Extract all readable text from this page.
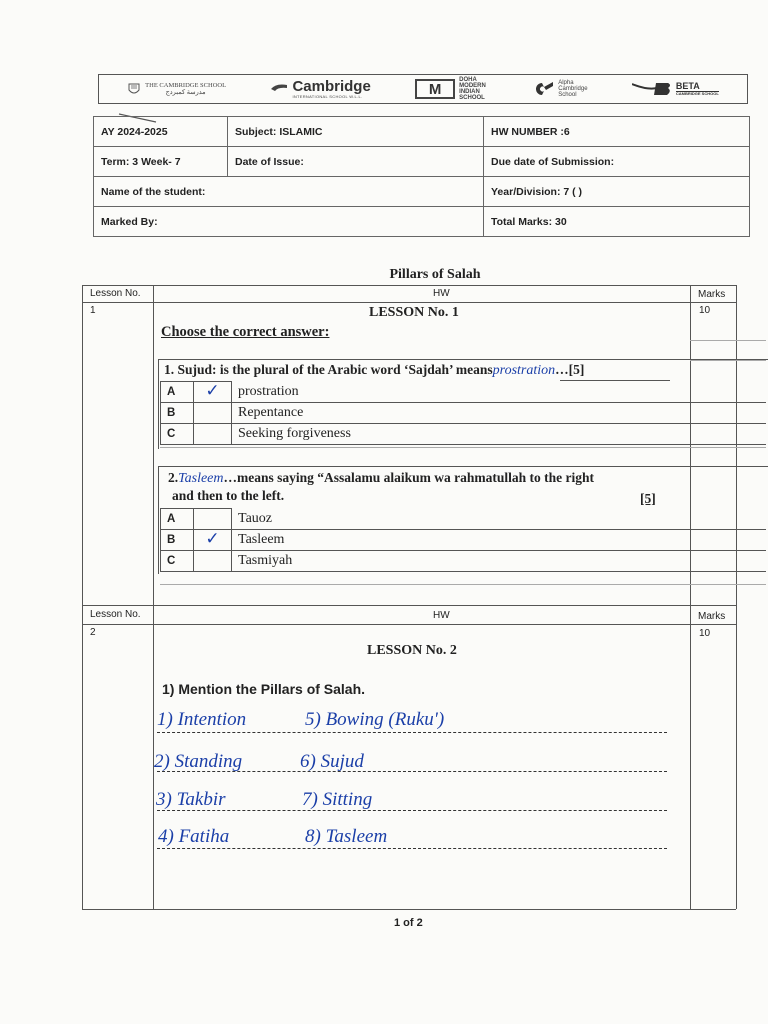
THE CAMBRIDGE SCHOOL
مدرسة كمبردج	Cambridge
INTERNATIONAL SCHOOL W.L.L.	M
DOHA
MODERN
INDIAN
SCHOOL
Alpha
Cambridge
School
BETA
CAMBRIDGE SCHOOL
AY 2024-2025	Subject: ISLAMIC	HW NUMBER :6
Term: 3 Week- 7	Date of Issue:	Due date of Submission:
Name of the student:		Year/Division: 7 ( )
Marked By:		Total Marks: 30
Pillars of Salah
Lesson No.	HW	Marks
1	10
LESSON No. 1
Choose the correct answer:
1. Sujud: is the plural of the Arabic word ‘Sajdah’ meansprostration…[5]
A	✓	prostration
B		Repentance
C		Seeking forgiveness
2.Tasleem…means saying “Assalamu alaikum wa rahmatullah to the right
and then to the left.	[5]
A		Tauoz
B	✓	Tasleem
C		Tasmiyah
Lesson No.	HW	Marks
2	10
LESSON No. 2
1) Mention the Pillars of Salah.
1) Intention	5) Bowing (Ruku')
2) Standing	6) Sujud
3) Takbir	7) Sitting
4) Fatiha	8) Tasleem
1 of 2
